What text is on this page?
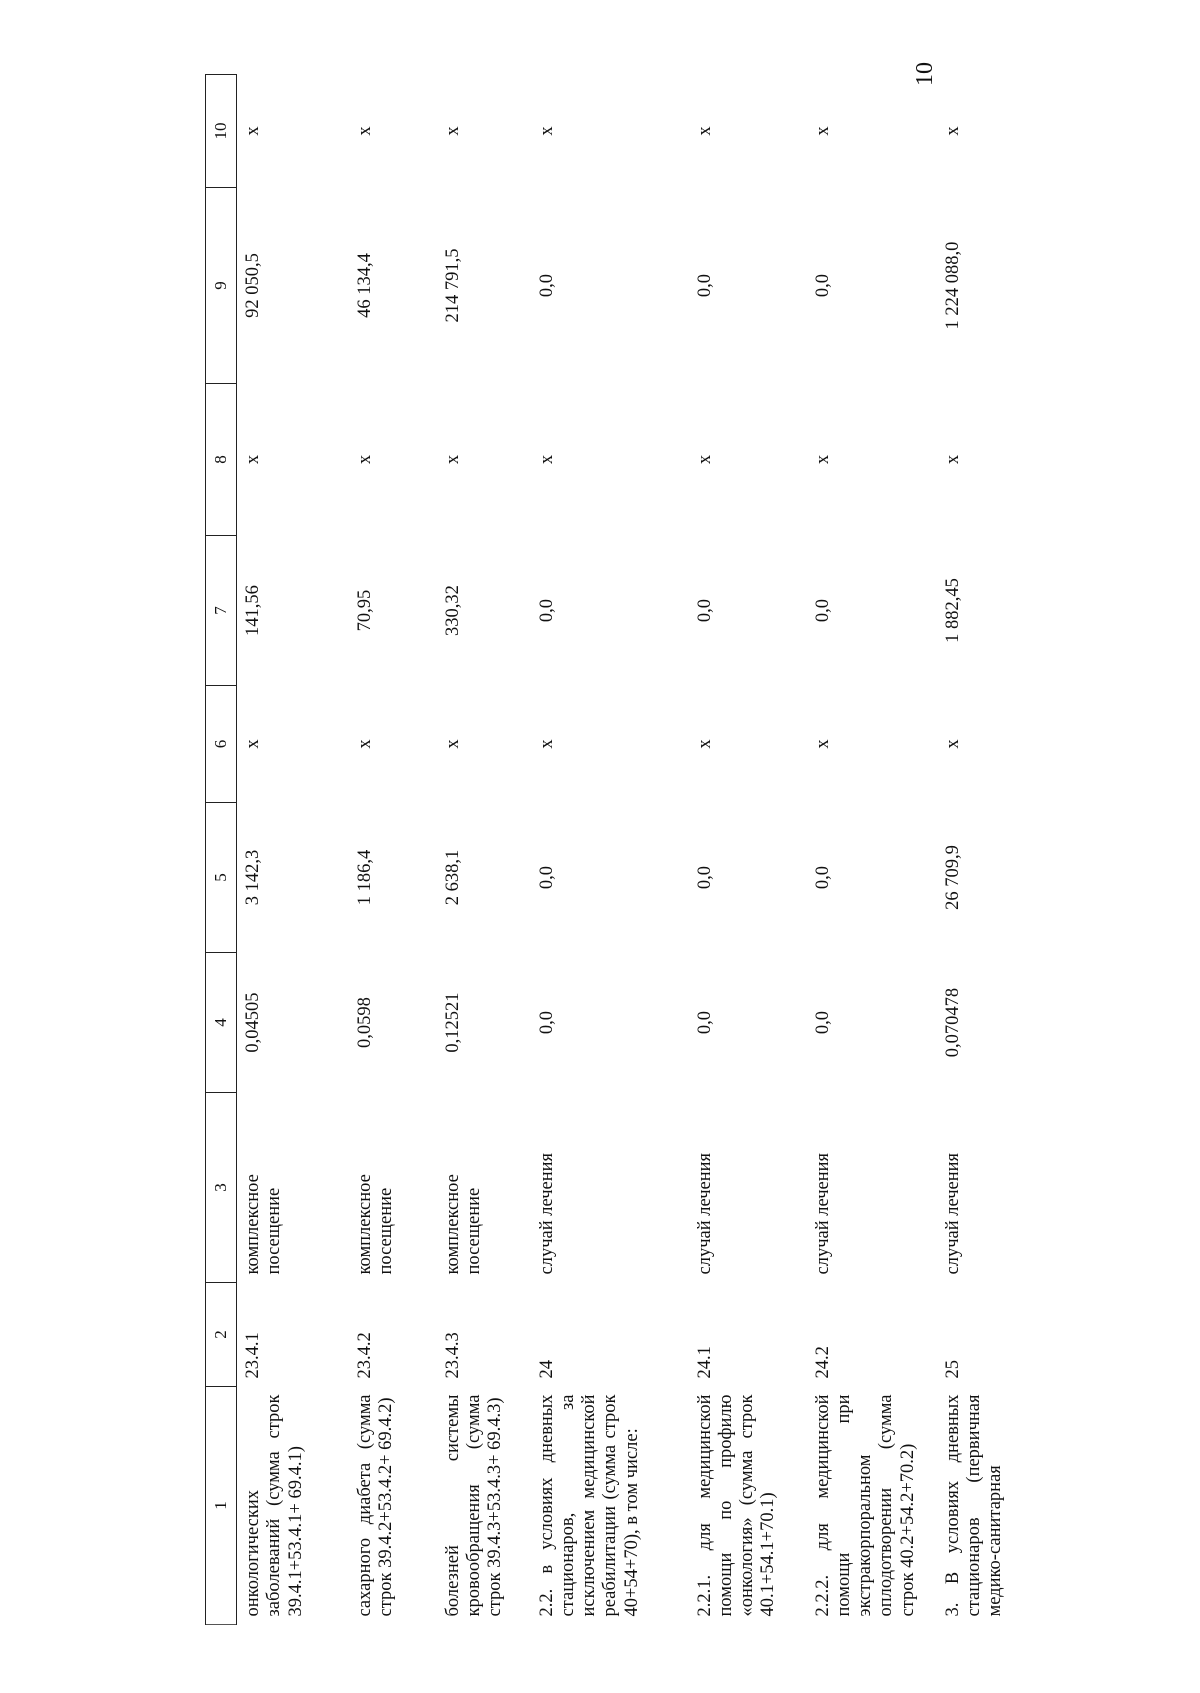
10
1	2	3	4	5	6	7	8	9	10
онкологических заболеваний (сумма строк 39.4.1+53.4.1+ 69.4.1)	23.4.1	комплексное посещение	0,04505	3 142,3	x	141,56	x	92 050,5	x
сахарного диабета (сумма строк 39.4.2+53.4.2+ 69.4.2)	23.4.2	комплексное посещение	0,0598	1 186,4	x	70,95	x	46 134,4	x
болезней системы кровообращения (сумма строк 39.4.3+53.4.3+ 69.4.3)	23.4.3	комплексное посещение	0,12521	2 638,1	x	330,32	x	214 791,5	x
2.2. в условиях дневных стационаров, за исключением медицинской реабилитации (сумма строк 40+54+70), в том числе:	24	случай лечения	0,0	0,0	x	0,0	x	0,0	x
2.2.1. для медицинской помощи по профилю «онкология» (сумма строк 40.1+54.1+70.1)	24.1	случай лечения	0,0	0,0	x	0,0	x	0,0	x
2.2.2. для медицинской помощи при экстракорпоральном оплодотворении (сумма строк 40.2+54.2+70.2)	24.2	случай лечения	0,0	0,0	x	0,0	x	0,0	x
3. В условиях дневных стационаров (первичная медико-санитарная	25	случай лечения	0,070478	26 709,9	x	1 882,45	x	1 224 088,0	x
